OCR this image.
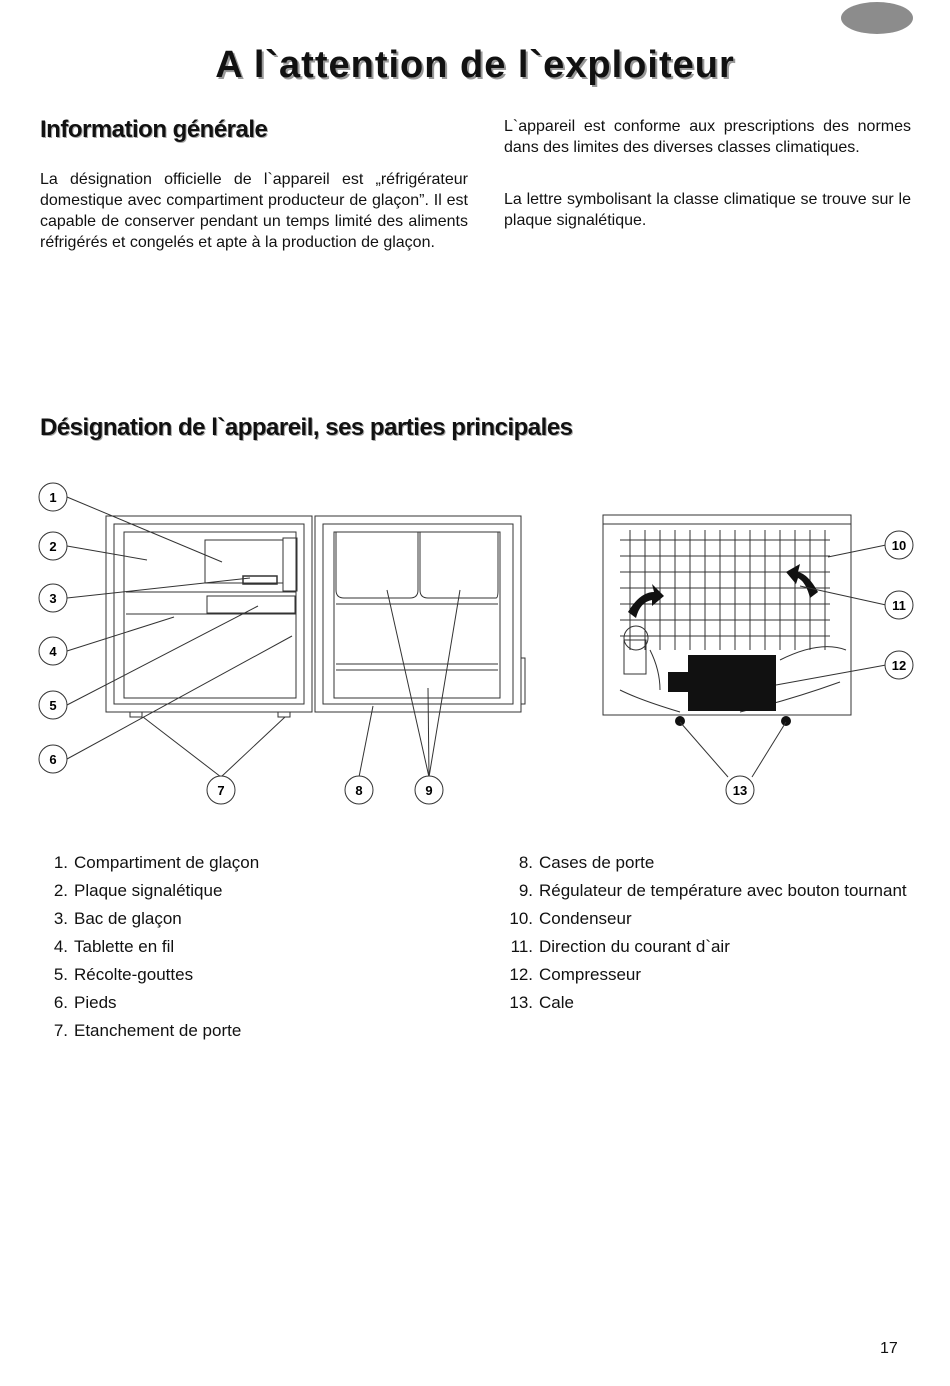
A l`attention de l`exploiteur
Information générale

La désignation officielle de l`appareil est „réfrigérateur domestique avec compartiment producteur de glaçon”. Il est capable de conserver pendant un temps limité des aliments réfrigérés et congelés et apte à la production de glaçon.

L`appareil est conforme aux prescriptions des normes dans des limites des diverses classes climatiques.

La lettre symbolisant la classe climatique se trouve sur le plaque signalétique.

Désignation de l`appareil, ses parties principales
1
2
3
4
5
6
7	8	9
10
11
12
13
1. Compartiment de glaçon
2. Plaque signalétique
3. Bac de glaçon
4. Tablette en fil
5. Récolte-gouttes
6. Pieds
7. Etanchement de porte
8. Cases de porte
9. Régulateur de température avec bouton tournant
10. Condenseur
11. Direction du courant d`air
12. Compresseur
13. Cale
17
